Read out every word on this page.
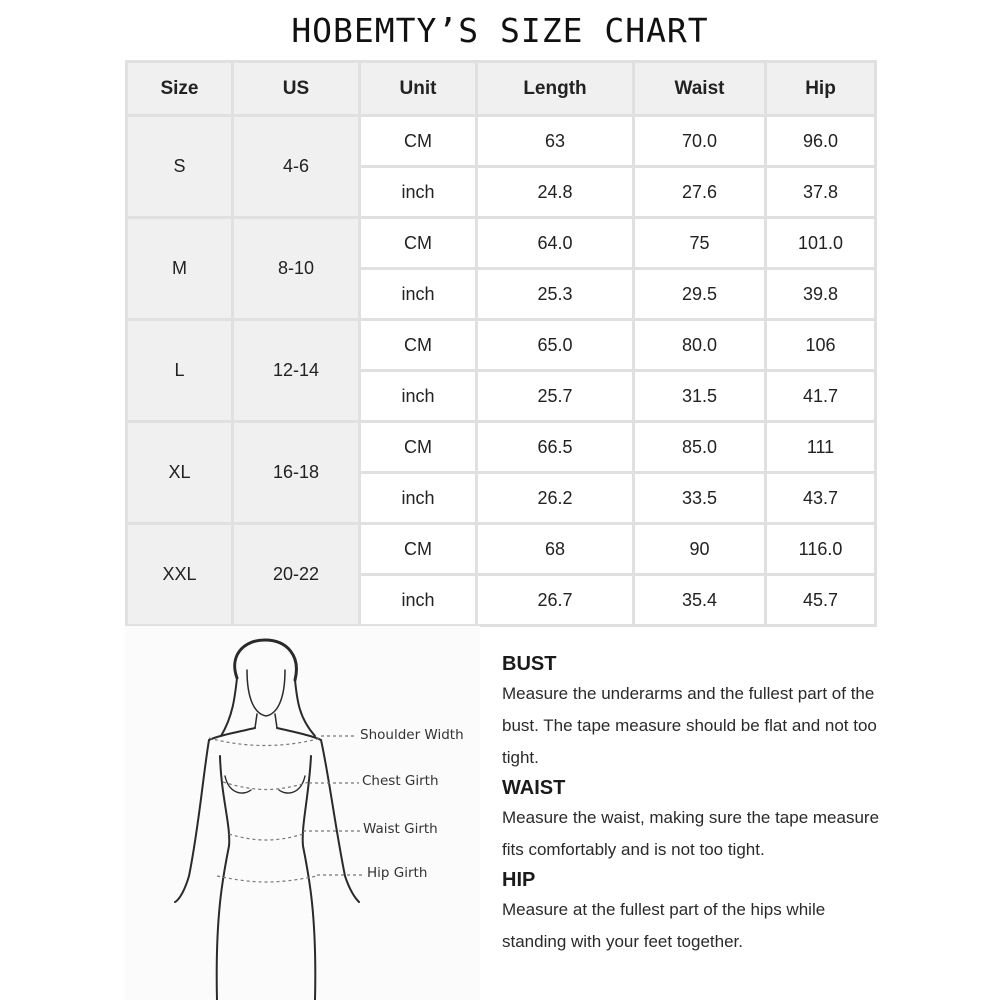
HOBEMTY’S SIZE CHART
Size	US	Unit	Length	Waist	Hip
S	4-6	CM	63	70.0	96.0
		inch	24.8	27.6	37.8
M	8-10	CM	64.0	75	101.0
		inch	25.3	29.5	39.8
L	12-14	CM	65.0	80.0	106
		inch	25.7	31.5	41.7
XL	16-18	CM	66.5	85.0	111
		inch	26.2	33.5	43.7
XXL	20-22	CM	68	90	116.0
		inch	26.7	35.4	45.7
Shoulder Width
Chest Girth
Waist Girth
Hip Girth
BUST

Measure the underarms and the fullest part of the bust. The tape measure should be flat and not too tight.

WAIST

Measure the waist, making sure the tape measure fits comfortably and is not too tight.

HIP

Measure at the fullest part of the hips while standing with your feet together.
